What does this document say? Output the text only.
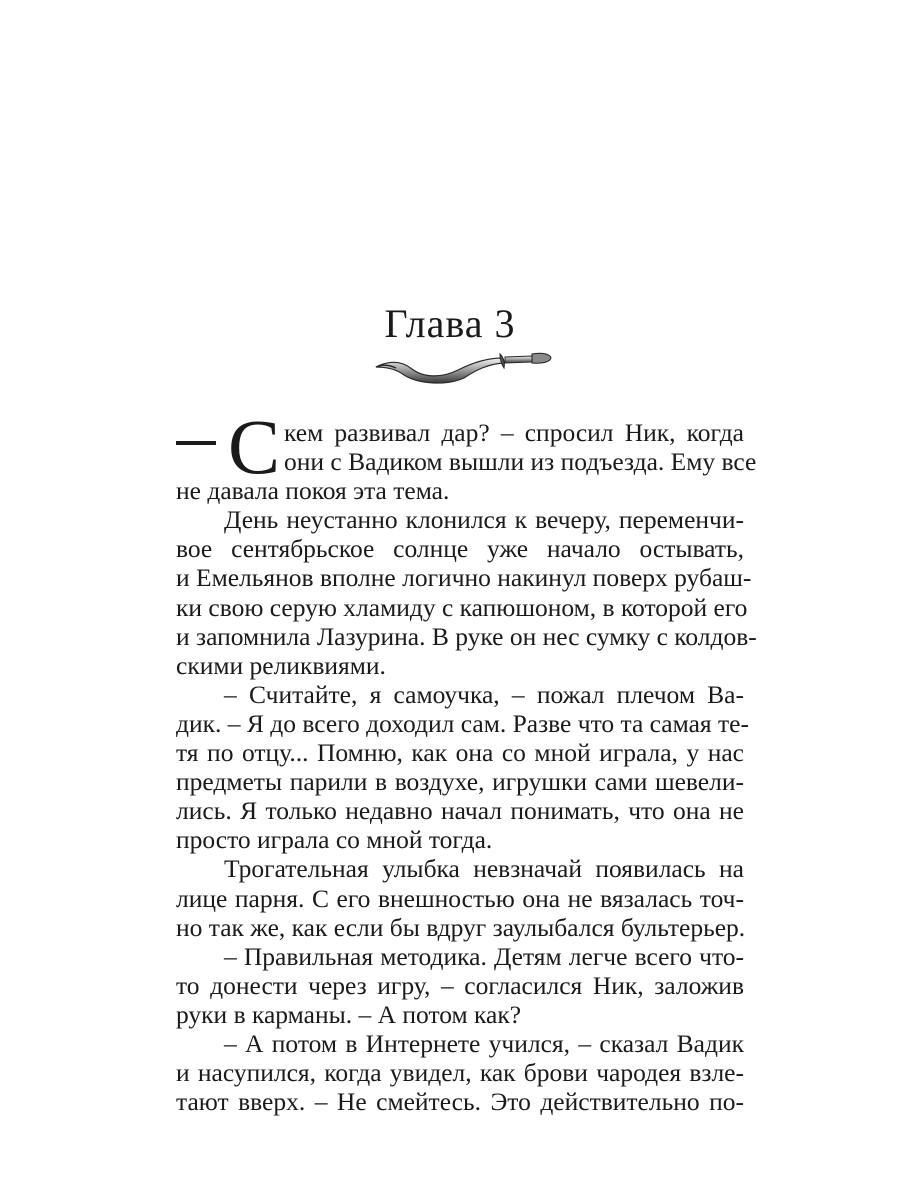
Глава 3
С кем развивал дар? – спросил Ник, когда
они с Вадиком вышли из подъезда. Ему все
не давала покоя эта тема.
День неустанно клонился к вечеру, переменчи-
вое сентябрьское солнце уже начало остывать,
и Емельянов вполне логично накинул поверх рубаш-
ки свою серую хламиду с капюшоном, в которой его
и запомнила Лазурина. В руке он нес сумку с колдов-
скими реликвиями.
– Считайте, я самоучка, – пожал плечом Ва-
дик. – Я до всего доходил сам. Разве что та самая те-
тя по отцу... Помню, как она со мной играла, у нас
предметы парили в воздухе, игрушки сами шевели-
лись. Я только недавно начал понимать, что она не
просто играла со мной тогда.
Трогательная улыбка невзначай появилась на
лице парня. С его внешностью она не вязалась точ-
но так же, как если бы вдруг заулыбался бультерьер.
– Правильная методика. Детям легче всего что-
то донести через игру, – согласился Ник, заложив
руки в карманы. – А потом как?
– А потом в Интернете учился, – сказал Вадик
и насупился, когда увидел, как брови чародея взле-
тают вверх. – Не смейтесь. Это действительно по-
